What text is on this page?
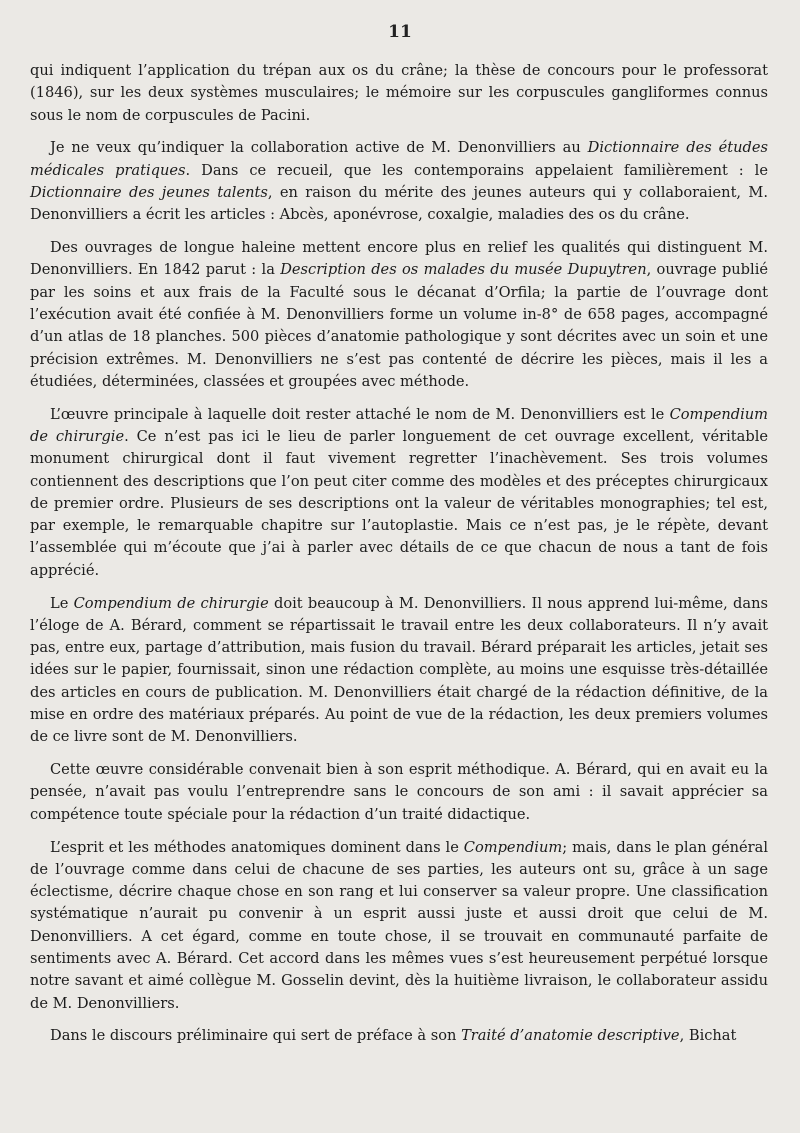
11

qui indiquent l’application du trépan aux os du crâne; la thèse de concours pour le professorat (1846), sur les deux systèmes musculaires; le mémoire sur les corpuscules gangliformes connus sous le nom de corpuscules de Pacini.

Je ne veux qu’indiquer la collaboration active de M. Denonvilliers au Dictionnaire des études médicales pratiques. Dans ce recueil, que les contemporains appelaient familièrement : le Dictionnaire des jeunes talents, en raison du mérite des jeunes auteurs qui y collaboraient, M. Denonvilliers a écrit les articles : Abcès, aponévrose, coxalgie, maladies des os du crâne.

Des ouvrages de longue haleine mettent encore plus en relief les qualités qui distinguent M. Denonvilliers. En 1842 parut : la Description des os malades du musée Dupuytren, ouvrage publié par les soins et aux frais de la Faculté sous le décanat d’Orfila; la partie de l’ouvrage dont l’exécution avait été confiée à M. Denonvilliers forme un volume in-8° de 658 pages, accompagné d’un atlas de 18 planches. 500 pièces d’anatomie pathologique y sont décrites avec un soin et une précision extrêmes. M. Denonvilliers ne s’est pas contenté de décrire les pièces, mais il les a étudiées, déterminées, classées et groupées avec méthode.

L’œuvre principale à laquelle doit rester attaché le nom de M. Denonvilliers est le Compendium de chirurgie. Ce n’est pas ici le lieu de parler longuement de cet ouvrage excellent, véritable monument chirurgical dont il faut vivement regretter l’inachèvement. Ses trois volumes contiennent des descriptions que l’on peut citer comme des modèles et des préceptes chirurgicaux de premier ordre. Plusieurs de ses descriptions ont la valeur de véritables monographies; tel est, par exemple, le remarquable chapitre sur l’autoplastie. Mais ce n’est pas, je le répète, devant l’assemblée qui m’écoute que j’ai à parler avec détails de ce que chacun de nous a tant de fois apprécié.

Le Compendium de chirurgie doit beaucoup à M. Denonvilliers. Il nous apprend lui-même, dans l’éloge de A. Bérard, comment se répartissait le travail entre les deux collaborateurs. Il n’y avait pas, entre eux, partage d’attribution, mais fusion du travail. Bérard préparait les articles, jetait ses idées sur le papier, fournissait, sinon une rédaction complète, au moins une esquisse très-détaillée des articles en cours de publication. M. Denonvilliers était chargé de la rédaction définitive, de la mise en ordre des matériaux préparés. Au point de vue de la rédaction, les deux premiers volumes de ce livre sont de M. Denonvilliers.

Cette œuvre considérable convenait bien à son esprit méthodique. A. Bérard, qui en avait eu la pensée, n’avait pas voulu l’entreprendre sans le concours de son ami : il savait apprécier sa compétence toute spéciale pour la rédaction d’un traité didactique.

L’esprit et les méthodes anatomiques dominent dans le Compendium; mais, dans le plan général de l’ouvrage comme dans celui de chacune de ses parties, les auteurs ont su, grâce à un sage éclectisme, décrire chaque chose en son rang et lui conserver sa valeur propre. Une classification systématique n’aurait pu convenir à un esprit aussi juste et aussi droit que celui de M. Denonvilliers. A cet égard, comme en toute chose, il se trouvait en communauté parfaite de sentiments avec A. Bérard. Cet accord dans les mêmes vues s’est heureusement perpétué lorsque notre savant et aimé collègue M. Gosselin devint, dès la huitième livraison, le collaborateur assidu de M. Denonvilliers.

Dans le discours préliminaire qui sert de préface à son Traité d’anatomie descriptive, Bichat
